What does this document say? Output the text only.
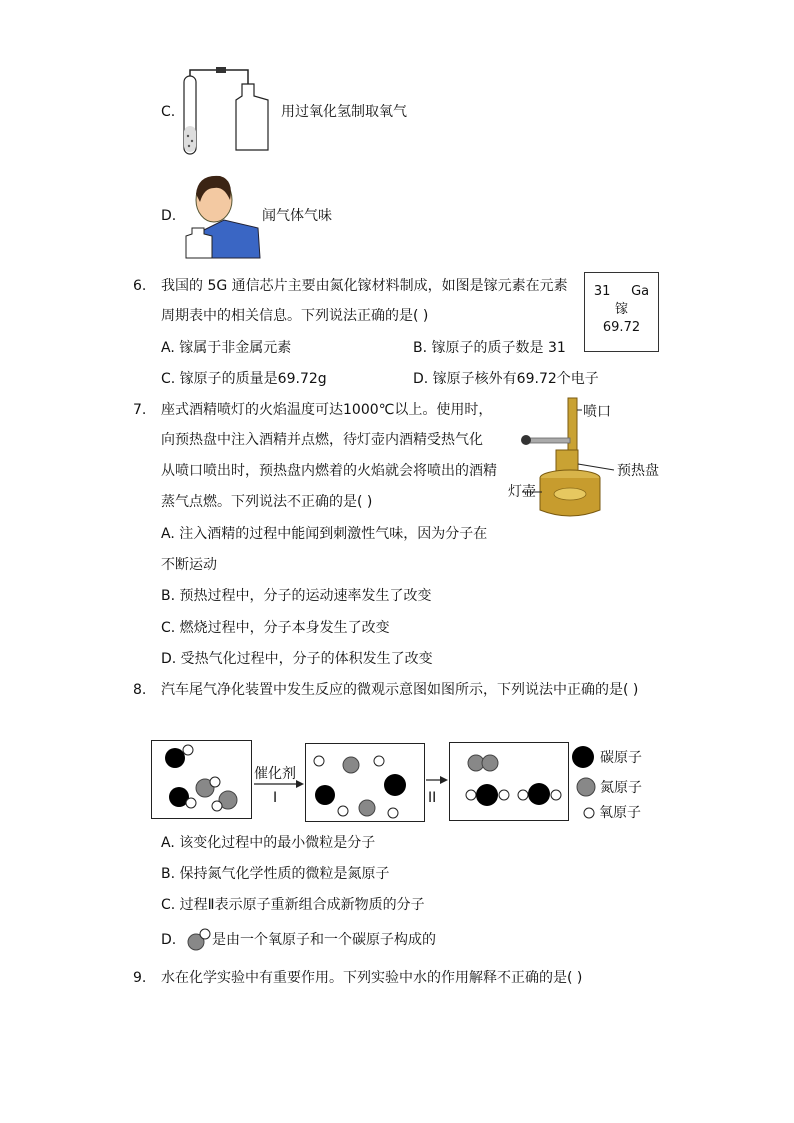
C.	用过氧化氢制取氧气
D.	闻气体气味
6. 我国的 5G 通信芯片主要由氮化镓材料制成，如图是镓元素在元素
周期表中的相关信息。下列说法正确的是( )
A. 镓属于非金属元素	B. 镓原子的质子数是 31
C. 镓原子的质量是69.72g	D. 镓原子核外有69.72个电子
31 Ga
镓
69.72
7. 座式酒精喷灯的火焰温度可达1000℃以上。使用时，
向预热盘中注入酒精并点燃，待灯壶内酒精受热气化
从喷口喷出时，预热盘内燃着的火焰就会将喷出的酒精
蒸气点燃。下列说法不正确的是( )
A. 注入酒精的过程中能闻到刺激性气味，因为分子在
不断运动
B. 预热过程中，分子的运动速率发生了改变
C. 燃烧过程中，分子本身发生了改变
D. 受热气化过程中，分子的体积发生了改变
喷口
预热盘
灯壶
8. 汽车尾气净化装置中发生反应的微观示意图如图所示，下列说法中正确的是( )
催化剂
I	II
碳原子
氮原子
氧原子
A. 该变化过程中的最小微粒是分子
B. 保持氮气化学性质的微粒是氮原子
C. 过程Ⅱ表示原子重新组合成新物质的分子
D.	是由一个氧原子和一个碳原子构成的
9. 水在化学实验中有重要作用。下列实验中水的作用解释不正确的是( )
